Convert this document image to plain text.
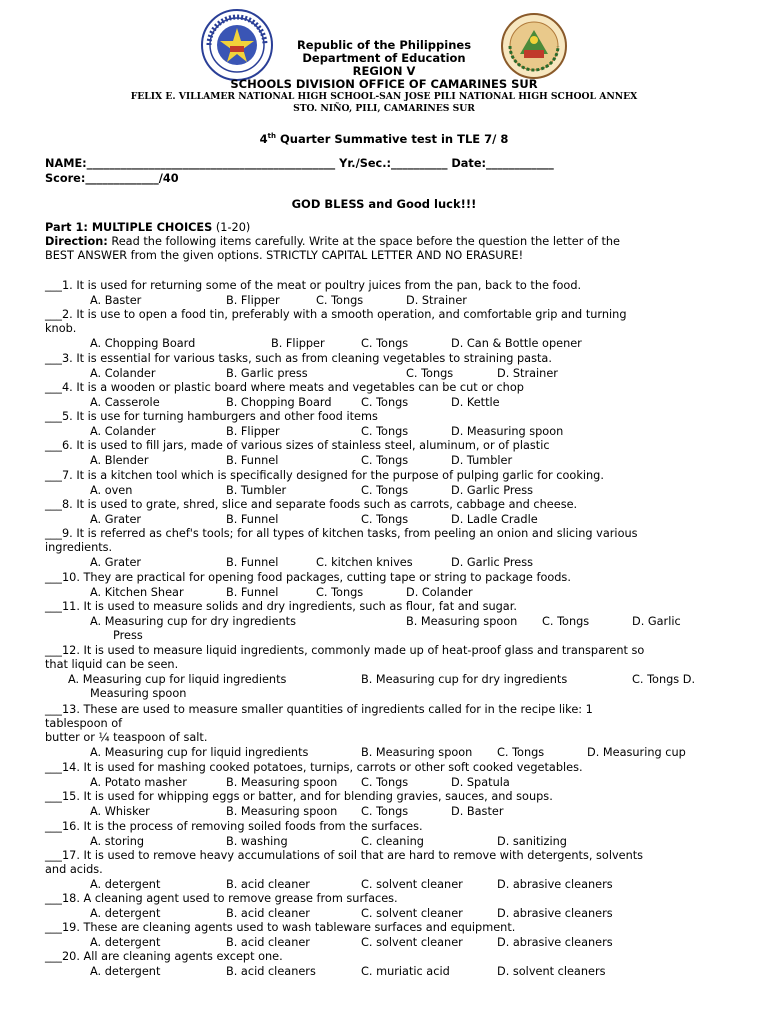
Republic of the Philippines
Department of Education
REGION V
SCHOOLS DIVISION OFFICE OF CAMARINES SUR
FELIX E. VILLAMER NATIONAL HIGH SCHOOL-SAN JOSE PILI NATIONAL HIGH SCHOOL ANNEX
STO. NIÑO, PILI, CAMARINES SUR
4th Quarter Summative test in TLE 7/ 8
NAME:____________________________________________ Yr./Sec.:__________ Date:____________
Score:_____________/40
GOD BLESS and Good luck!!!
Part 1: MULTIPLE CHOICES (1-20)
Direction: Read the following items carefully. Write at the space before the question the letter of the
BEST ANSWER from the given options. STRICTLY CAPITAL LETTER AND NO ERASURE!
___1. It is used for returning some of the meat or poultry juices from the pan, back to the food.
A. Baster	B. Flipper	C. Tongs	D. Strainer
___2. It is use to open a food tin, preferably with a smooth operation, and comfortable grip and turning
knob.
A. Chopping Board	B. Flipper	C. Tongs	D. Can & Bottle opener
___3. It is essential for various tasks, such as from cleaning vegetables to straining pasta.
A. Colander	B. Garlic press	C. Tongs	D. Strainer
___4. It is a wooden or plastic board where meats and vegetables can be cut or chop
A. Casserole	B. Chopping Board	C. Tongs	D. Kettle
___5. It is use for turning hamburgers and other food items
A. Colander	B. Flipper	C. Tongs	D. Measuring spoon
___6. It is used to fill jars, made of various sizes of stainless steel, aluminum, or of plastic
A. Blender	B. Funnel	C. Tongs	D. Tumbler
___7. It is a kitchen tool which is specifically designed for the purpose of pulping garlic for cooking.
A. oven	B. Tumbler	C. Tongs	D. Garlic Press
___8. It is used to grate, shred, slice and separate foods such as carrots, cabbage and cheese.
A. Grater	B. Funnel	C. Tongs	D. Ladle Cradle
___9. It is referred as chef's tools; for all types of kitchen tasks, from peeling an onion and slicing various
ingredients.
A. Grater	B. Funnel	C. kitchen knives	D. Garlic Press
___10. They are practical for opening food packages, cutting tape or string to package foods.
A. Kitchen Shear	B. Funnel	C. Tongs	D. Colander
___11. It is used to measure solids and dry ingredients, such as flour, fat and sugar.
A. Measuring cup for dry ingredients	B. Measuring spoon C. Tongs	D. Garlic
Press
___12. It is used to measure liquid ingredients, commonly made up of heat-proof glass and transparent so
that liquid can be seen.
A. Measuring cup for liquid ingredients	B. Measuring cup for dry ingredients	C. Tongs D.
Measuring spoon
___13. These are used to measure smaller quantities of ingredients called for in the recipe like: 1
tablespoon of
butter or ¼ teaspoon of salt.
A. Measuring cup for liquid ingredients	B. Measuring spoon C. Tongs	D. Measuring cup
___14. It is used for mashing cooked potatoes, turnips, carrots or other soft cooked vegetables.
A. Potato masher	B. Measuring spoon C. Tongs	D. Spatula
___15. It is used for whipping eggs or batter, and for blending gravies, sauces, and soups.
A. Whisker	B. Measuring spoon C. Tongs	D. Baster
___16. It is the process of removing soiled foods from the surfaces.
A. storing	B. washing	C. cleaning	D. sanitizing
___17. It is used to remove heavy accumulations of soil that are hard to remove with detergents, solvents
and acids.
A. detergent	B. acid cleaner	C. solvent cleaner	D. abrasive cleaners
___18. A cleaning agent used to remove grease from surfaces.
A. detergent	B. acid cleaner	C. solvent cleaner	D. abrasive cleaners
___19. These are cleaning agents used to wash tableware surfaces and equipment.
A. detergent	B. acid cleaner	C. solvent cleaner	D. abrasive cleaners
___20. All are cleaning agents except one.
A. detergent	B. acid cleaners	C. muriatic acid	D. solvent cleaners
